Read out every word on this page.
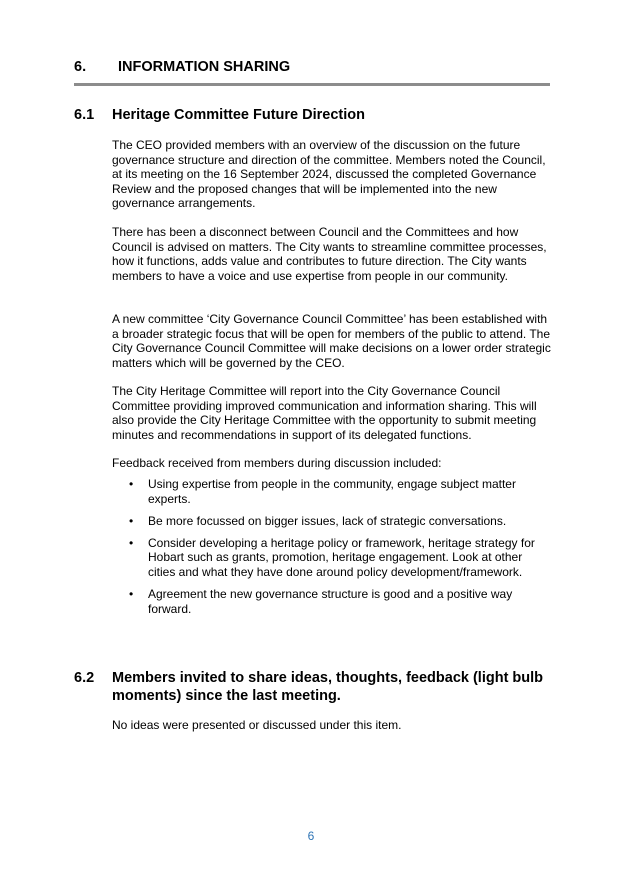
6.	INFORMATION SHARING
6.1	Heritage Committee Future Direction

The CEO provided members with an overview of the discussion on the future governance structure and direction of the committee. Members noted the Council, at its meeting on the 16 September 2024, discussed the completed Governance Review and the proposed changes that will be implemented into the new governance arrangements.

There has been a disconnect between Council and the Committees and how Council is advised on matters. The City wants to streamline committee processes, how it functions, adds value and contributes to future direction. The City wants members to have a voice and use expertise from people in our community.

A new committee ‘City Governance Council Committee’ has been established with a broader strategic focus that will be open for members of the public to attend. The City Governance Council Committee will make decisions on a lower order strategic matters which will be governed by the CEO.

The City Heritage Committee will report into the City Governance Council Committee providing improved communication and information sharing. This will also provide the City Heritage Committee with the opportunity to submit meeting minutes and recommendations in support of its delegated functions.

Feedback received from members during discussion included:

•	Using expertise from people in the community, engage subject matter experts.
•	Be more focussed on bigger issues, lack of strategic conversations.
•	Consider developing a heritage policy or framework, heritage strategy for Hobart such as grants, promotion, heritage engagement. Look at other cities and what they have done around policy development/framework.
•	Agreement the new governance structure is good and a positive way forward.
6.2	Members invited to share ideas, thoughts, feedback (light bulb moments) since the last meeting.

No ideas were presented or discussed under this item.

6
